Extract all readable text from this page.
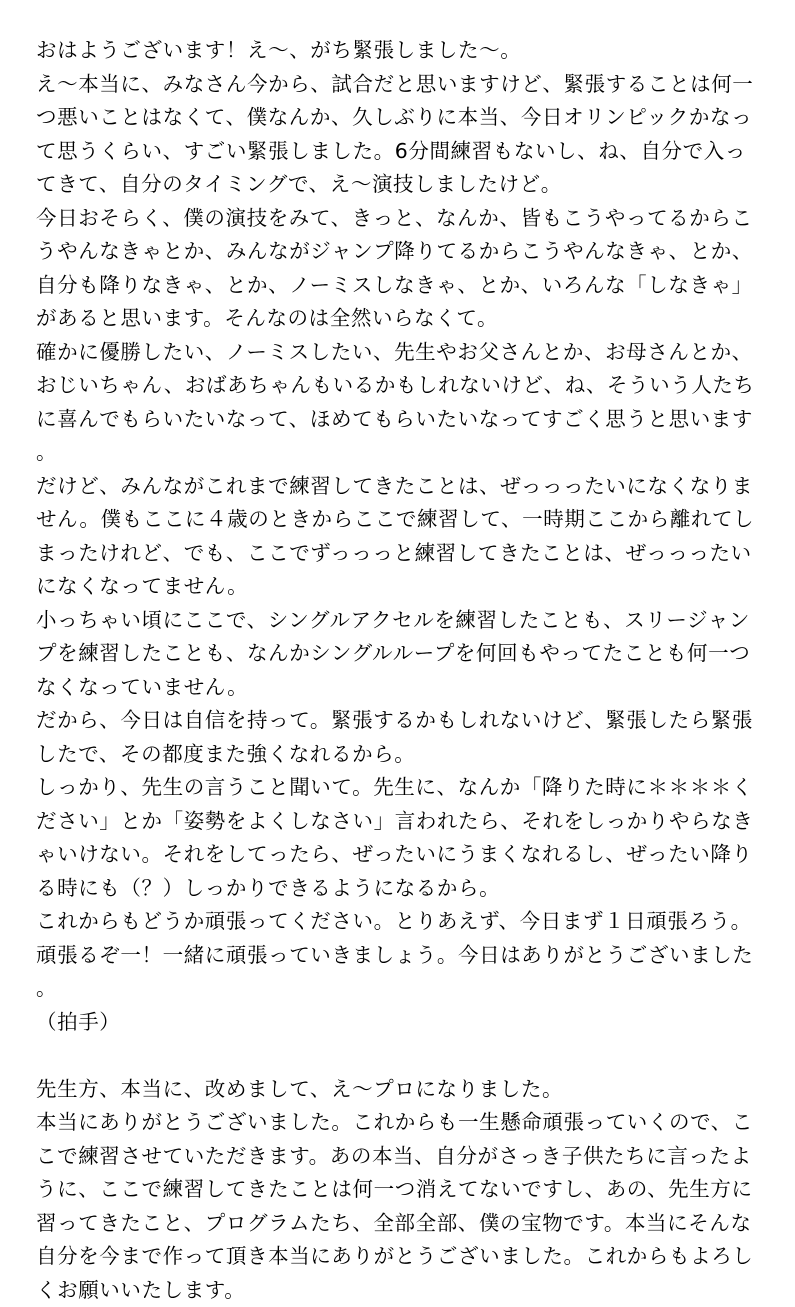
おはようございます！え〜、がち緊張しました〜。

え〜本当に、みなさん今から、試合だと思いますけど、緊張することは何一つ悪いことはなくて、僕なんか、久しぶりに本当、今日オリンピックかなって思うくらい、すごい緊張しました。6分間練習もないし、ね、自分で入ってきて、自分のタイミングで、え〜演技しましたけど。

今日おそらく、僕の演技をみて、きっと、なんか、皆もこうやってるからこうやんなきゃとか、みんながジャンプ降りてるからこうやんなきゃ、とか、自分も降りなきゃ、とか、ノーミスしなきゃ、とか、いろんな「しなきゃ」があると思います。そんなのは全然いらなくて。

確かに優勝したい、ノーミスしたい、先生やお父さんとか、お母さんとか、おじいちゃん、おばあちゃんもいるかもしれないけど、ね、そういう人たちに喜んでもらいたいなって、ほめてもらいたいなってすごく思うと思います。

だけど、みんながこれまで練習してきたことは、ぜっっったいになくなりません。僕もここに４歳のときからここで練習して、一時期ここから離れてしまったけれど、でも、ここでずっっっと練習してきたことは、ぜっっったいになくなってません。

小っちゃい頃にここで、シングルアクセルを練習したことも、スリージャンプを練習したことも、なんかシングルループを何回もやってたことも何一つなくなっていません。

だから、今日は自信を持って。緊張するかもしれないけど、緊張したら緊張したで、その都度また強くなれるから。

しっかり、先生の言うこと聞いて。先生に、なんか「降りた時に＊＊＊＊ください」とか「姿勢をよくしなさい」言われたら、それをしっかりやらなきゃいけない。それをしてったら、ぜったいにうまくなれるし、ぜったい降りる時にも（？）しっかりできるようになるから。

これからもどうか頑張ってください。とりあえず、今日まず１日頑張ろう。頑張るぞ一！一緒に頑張っていきましょう。今日はありがとうございました。

（拍手）

先生方、本当に、改めまして、え〜プロになりました。

本当にありがとうございました。これからも一生懸命頑張っていくので、ここで練習させていただきます。あの本当、自分がさっき子供たちに言ったように、ここで練習してきたことは何一つ消えてないですし、あの、先生方に習ってきたこと、プログラムたち、全部全部、僕の宝物です。本当にそんな自分を今まで作って頂き本当にありがとうございました。これからもよろしくお願いいたします。
